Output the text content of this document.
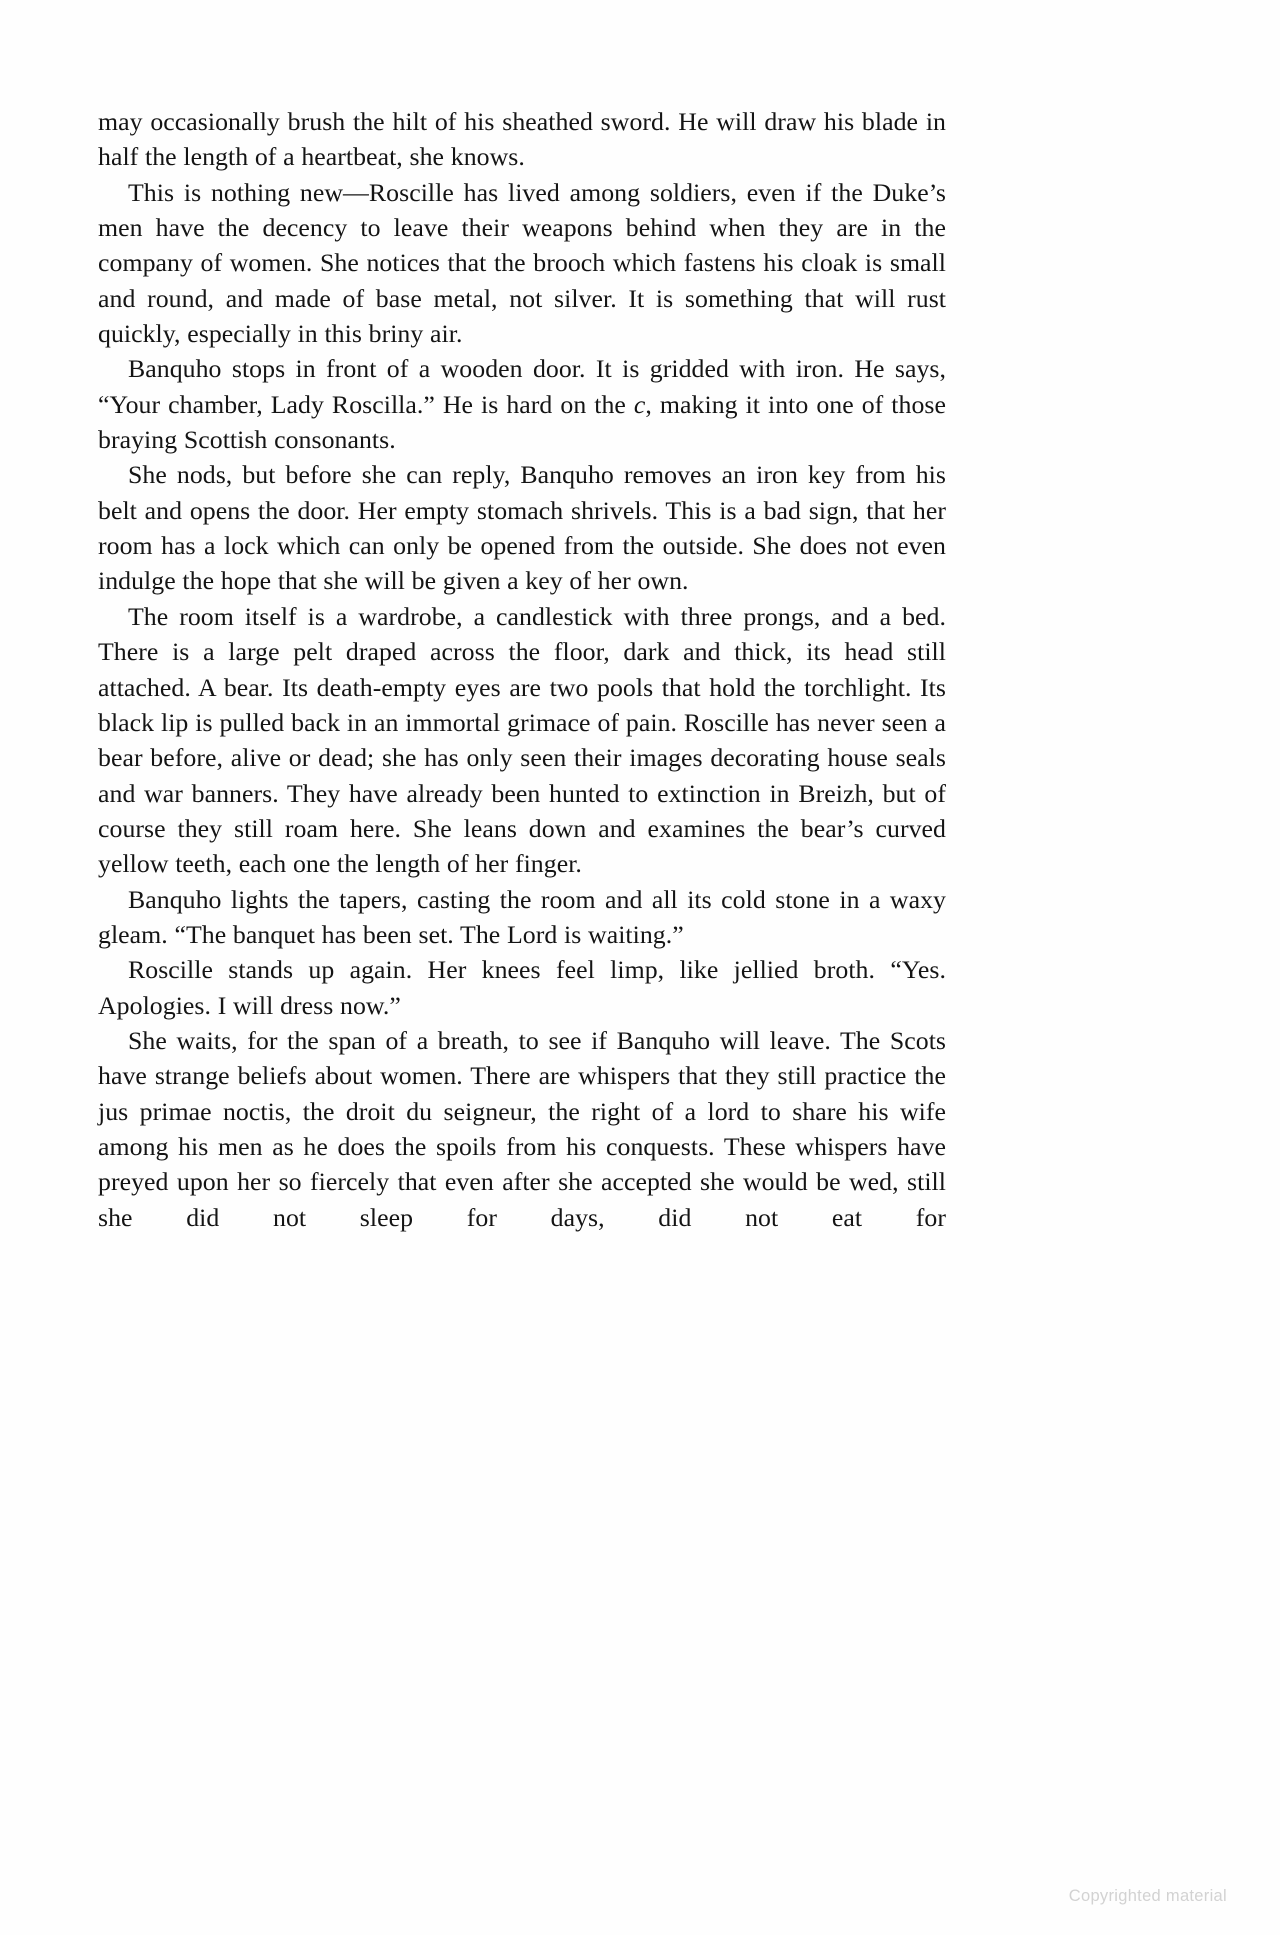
may occasionally brush the hilt of his sheathed sword. He will draw his blade in half the length of a heartbeat, she knows.

This is nothing new—Roscille has lived among soldiers, even if the Duke’s men have the decency to leave their weapons behind when they are in the company of women. She notices that the brooch which fastens his cloak is small and round, and made of base metal, not silver. It is something that will rust quickly, especially in this briny air.

Banquho stops in front of a wooden door. It is gridded with iron. He says, “Your chamber, Lady Roscilla.” He is hard on the c, making it into one of those braying Scottish consonants.

She nods, but before she can reply, Banquho removes an iron key from his belt and opens the door. Her empty stomach shrivels. This is a bad sign, that her room has a lock which can only be opened from the outside. She does not even indulge the hope that she will be given a key of her own.

The room itself is a wardrobe, a candlestick with three prongs, and a bed. There is a large pelt draped across the floor, dark and thick, its head still attached. A bear. Its death-empty eyes are two pools that hold the torchlight. Its black lip is pulled back in an immortal grimace of pain. Roscille has never seen a bear before, alive or dead; she has only seen their images decorating house seals and war banners. They have already been hunted to extinction in Breizh, but of course they still roam here. She leans down and examines the bear’s curved yellow teeth, each one the length of her finger.

Banquho lights the tapers, casting the room and all its cold stone in a waxy gleam. “The banquet has been set. The Lord is waiting.”

Roscille stands up again. Her knees feel limp, like jellied broth. “Yes. Apologies. I will dress now.”

She waits, for the span of a breath, to see if Banquho will leave. The Scots have strange beliefs about women. There are whispers that they still practice the jus primae noctis, the droit du seigneur, the right of a lord to share his wife among his men as he does the spoils from his conquests. These whispers have preyed upon her so fiercely that even after she accepted she would be wed, still she did not sleep for days, did not eat for

Copyrighted material
